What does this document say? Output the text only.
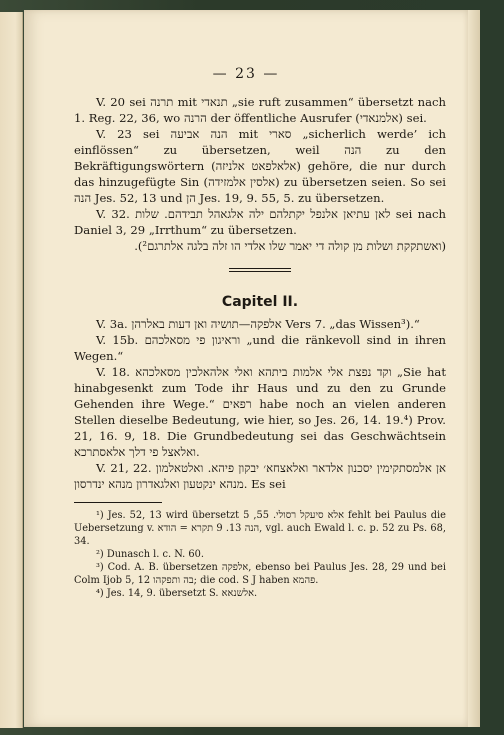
— 23 —

V. 20 sei תרנה mit תנאדי „sie ruft zusammen“ übersetzt nach 1. Reg. 22, 36, wo הרנה der öffentliche Ausrufer (אלמנאדי) sei.

V. 23 sei הנה אביעה mit סארי „sicherlich werde’ ich einflössen“ zu übersetzen, weil הנה zu den Bekräftigungswörtern (אלאלפאט אלניזה) gehöre, die nur durch das hinzugefügte Sin (אלסין אלמזידה) zu übersetzen seien. So sei הנה Jes. 52, 13 und הן Jes. 19, 9. 55, 5. zu übersetzen.

V. 32. לאן עתיאן אלנפל יקתלהם ילה אלגאהל תבידהם. שלות sei nach Daniel 3, 29 „Irrthum“ zu übersetzen.

(ואשתקקת ושלות מן קולה די יאמר שלו אלדי הו זלה בלגה אלתרגם²).

Capitel II.

V. 3a. אלפקה—תושיה ואן דעות באלרהן Vers 7. „das Wissen³).“

V. 15b. וראיגון פי מסאלכהם „und die ränkevoll sind in ihren Wegen.“

V. 18. וקד נפצת אלי אלמות ביתהא ואלי אלהאלכין מסאלכהא „Sie hat hinabgesenkt zum Tode ihr Haus und zu den zu Grunde Gehenden ihre Wege.“ רפאים habe noch an vielen anderen Stellen dieselbe Bedeutung, wie hier, so Jes. 26, 14. 19.⁴) Prov. 21, 16. 9, 18. Die Grundbedeutung sei das Geschwächtsein ואלאצל פי דלך אלאסתרכא.

V. 21, 22. אן אלמסתקימין יסכנון אלדאר ואלאצחא׳ יבקון פיהא. ואלטאלמון מנהא ינקטעון ואלגאדרון מנהא ינדרסון. Es sei

¹) Jes. 52, 13 wird übersetzt אלא סיעקל רסולי. 55, 5 fehlt bei Paulus die Uebersetzung v. הנה 13. 9 תקרא = הודא, vgl. auch Ewald l. c. p. 52 zu Ps. 68, 34.

²) Dunasch l. c. N. 60.

³) Cod. A. B. übersetzen אלפקה, ebenso bei Paulus Jes. 28, 29 und bei Colm Ijob 5, 12 בה ותפקהו; die cod. S J haben פהמא.

⁴) Jes. 14, 9. übersetzt S. אלשנאא.
